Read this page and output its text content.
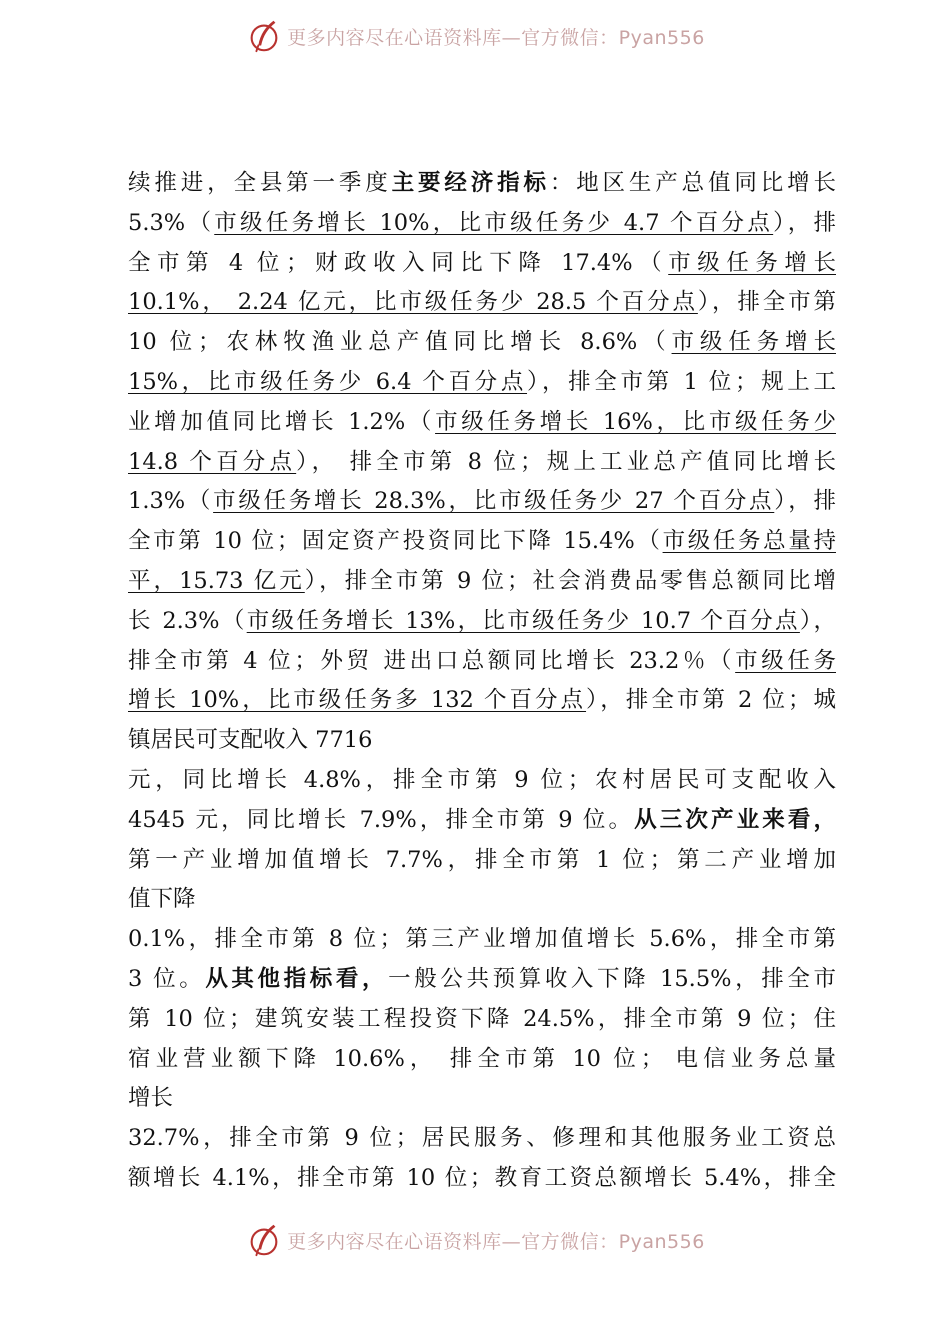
更多内容尽在心语资料库—官方微信：Pyan556
续推进，全县第一季度主要经济指标：地区生产总值同比增长
5.3%（市级任务增长 10%，比市级任务少 4.7 个百分点），排
全市第 4 位；财政收入同比下降 17.4%（市级任务增长
10.1%， 2.24 亿元，比市级任务少 28.5 个百分点），排全市第
10 位；农林牧渔业总产值同比增长 8.6%（市级任务增长
15%，比市级任务少 6.4 个百分点），排全市第 1 位；规上工
业增加值同比增长 1.2%（市级任务增长 16%，比市级任务少
14.8 个百分点）， 排全市第 8 位；规上工业总产值同比增长
1.3%（市级任务增长 28.3%，比市级任务少 27 个百分点），排
全市第 10 位；固定资产投资同比下降 15.4%（市级任务总量持
平，15.73 亿元），排全市第 9 位；社会消费品零售总额同比增
长 2.3%（市级任务增长 13%，比市级任务少 10.7 个百分点），
排全市第 4 位；外贸 进出口总额同比增长 23.2％（市级任务
增长 10%，比市级任务多 132 个百分点），排全市第 2 位；城
镇居民可支配收入 7716
元，同比增长 4.8%，排全市第 9 位；农村居民可支配收入
4545 元，同比增长 7.9%，排全市第 9 位。从三次产业来看，
第一产业增加值增长 7.7%，排全市第 1 位；第二产业增加
值下降
0.1%，排全市第 8 位；第三产业增加值增长 5.6%，排全市第
3 位。从其他指标看，一般公共预算收入下降 15.5%，排全市
第 10 位；建筑安装工程投资下降 24.5%，排全市第 9 位；住
宿业营业额下降 10.6%， 排全市第 10 位； 电信业务总量
增长
32.7%，排全市第 9 位；居民服务、修理和其他服务业工资总
额增长 4.1%，排全市第 10 位；教育工资总额增长 5.4%，排全
更多内容尽在心语资料库—官方微信：Pyan556
